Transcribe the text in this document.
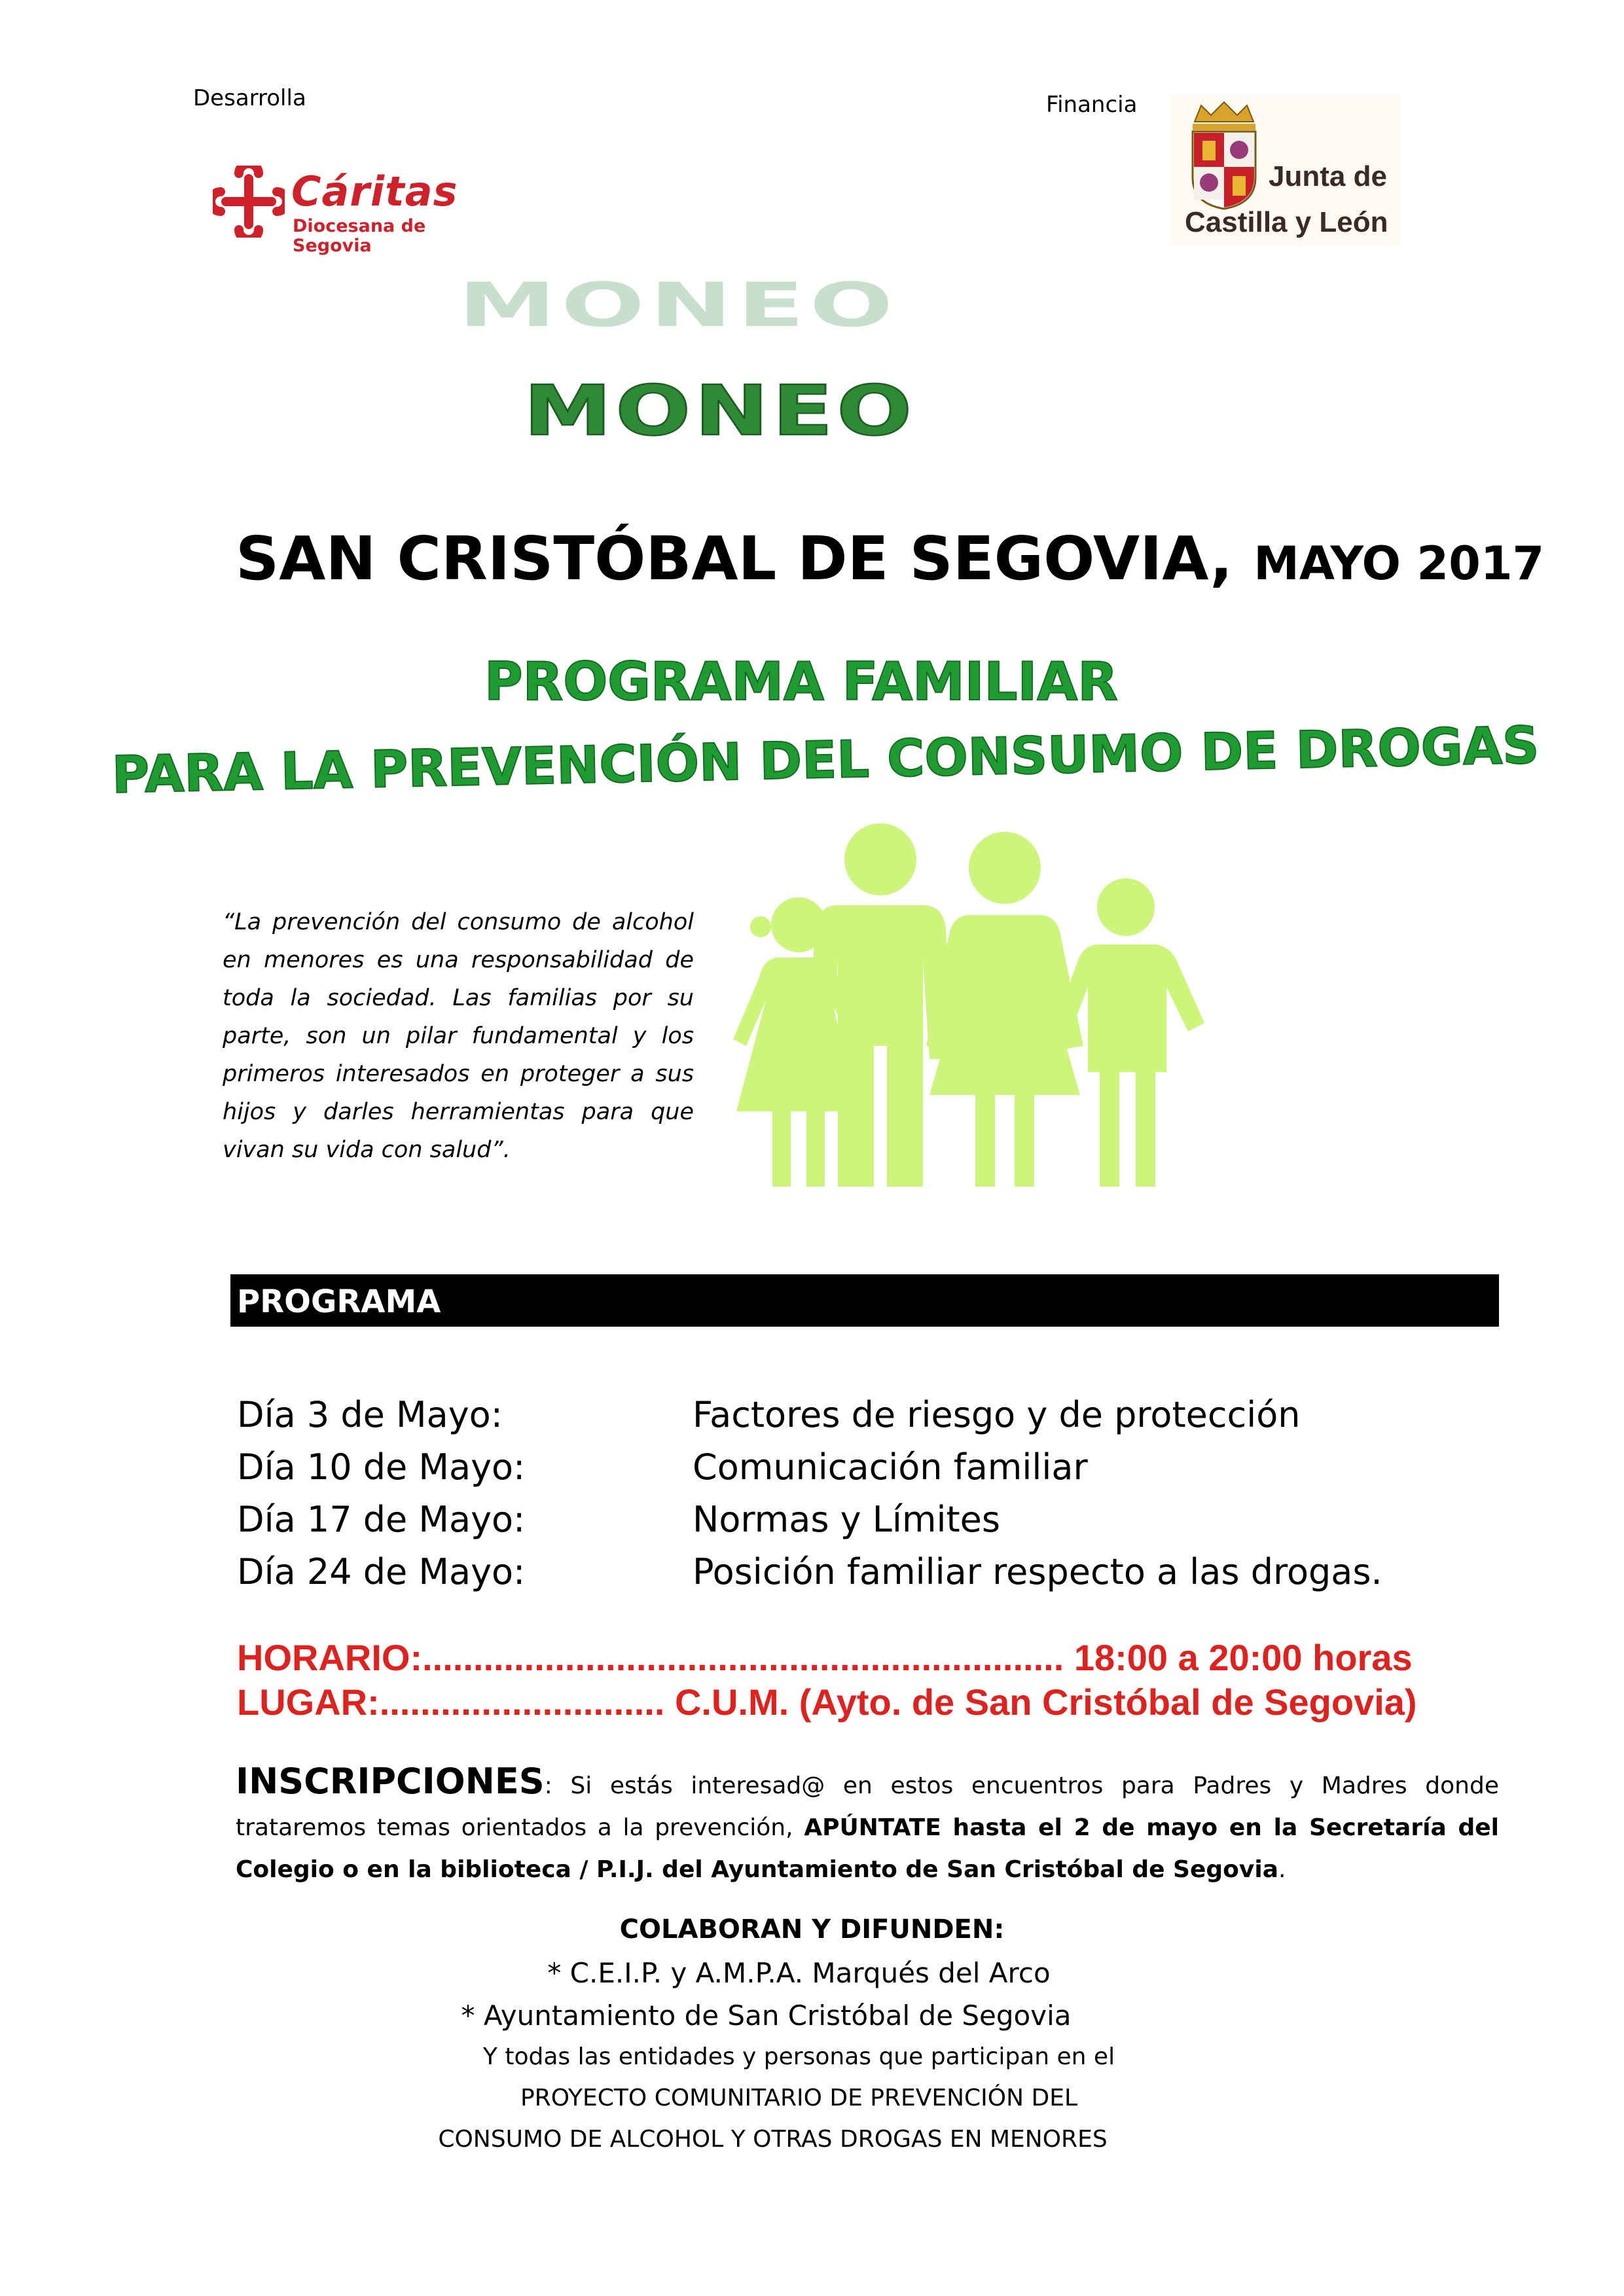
Desarrolla	Financia
Cáritas
Diocesana de
Segovia
Junta de
Castilla y León
MONEO
MONEO
SAN CRISTÓBAL DE SEGOVIA, MAYO 2017
PROGRAMA FAMILIAR
PARA LA PREVENCIÓN DEL CONSUMO DE DROGAS
“La prevención del consumo de alcohol en menores es una responsabilidad de toda la sociedad. Las familias por su parte, son un pilar fundamental y los primeros interesados en proteger a sus hijos y darles herramientas para que vivan su vida con salud”.
PROGRAMA
Día 3 de Mayo:	Factores de riesgo y de protección
Día 10 de Mayo:	Comunicación familiar
Día 17 de Mayo:	Normas y Límites
Día 24 de Mayo:	Posición familiar respecto a las drogas.
HORARIO:............................................................... 18:00 a 20:00 horas
LUGAR:............................ C.U.M. (Ayto. de San Cristóbal de Segovia)
INSCRIPCIONES: Si estás interesad@ en estos encuentros para Padres y Madres donde trataremos temas orientados a la prevención, APÚNTATE hasta el 2 de mayo en la Secretaría del Colegio o en la biblioteca / P.I.J. del Ayuntamiento de San Cristóbal de Segovia.
COLABORAN Y DIFUNDEN:
* C.E.I.P. y A.M.P.A. Marqués del Arco
* Ayuntamiento de San Cristóbal de Segovia
Y todas las entidades y personas que participan en el
PROYECTO COMUNITARIO DE PREVENCIÓN DEL
CONSUMO DE ALCOHOL Y OTRAS DROGAS EN MENORES
